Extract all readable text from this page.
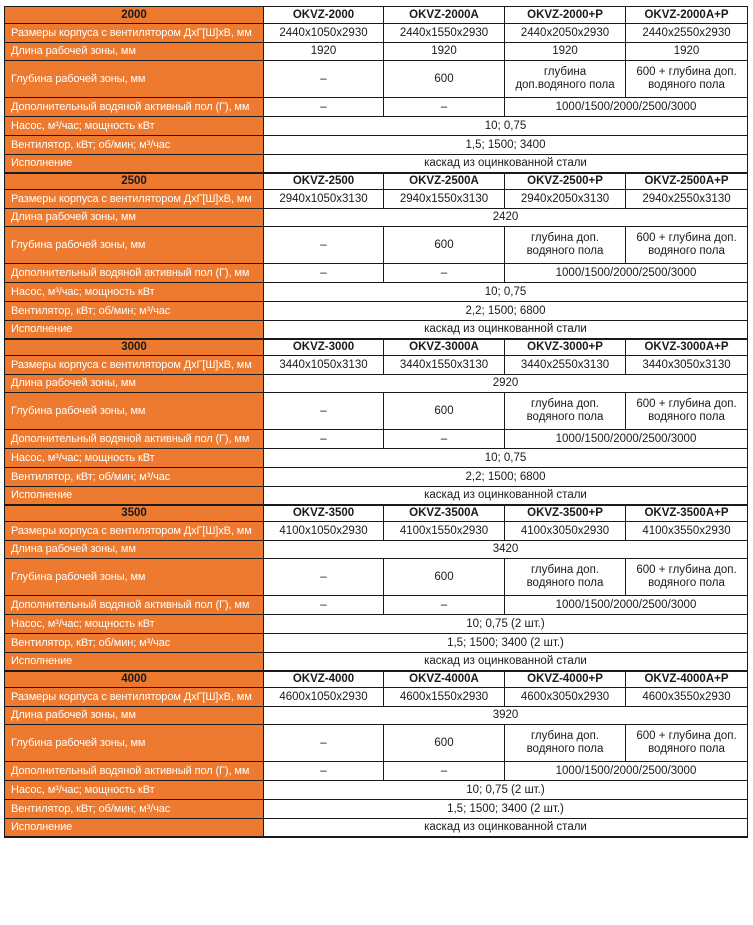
2000	OKVZ-2000	OKVZ-2000A	OKVZ-2000+P	OKVZ-2000A+P
Размеры корпуса с вентилятором ДхГ[Ш]хВ, мм	2440x1050x2930	2440x1550x2930	2440x2050x2930	2440x2550x2930
Длина рабочей зоны, мм	1920	1920	1920	1920
Глубина рабочей зоны, мм	–	600	глубина доп.водяного пола	600 + глубина доп. водяного пола
Дополнительный водяной активный пол (Г), мм	–	–	1000/1500/2000/2500/3000	
Насос, м³/час; мощность кВт	10; 0,75			
Вентилятор, кВт; об/мин; м³/час	1,5; 1500; 3400			
Исполнение	каскад из оцинкованной стали			
2500	OKVZ-2500	OKVZ-2500A	OKVZ-2500+P	OKVZ-2500A+P
Размеры корпуса с вентилятором ДхГ[Ш]хВ, мм	2940x1050x3130	2940x1550x3130	2940x2050x3130	2940x2550x3130
Длина рабочей зоны, мм	2420			
Глубина рабочей зоны, мм	–	600	глубина доп. водяного пола	600 + глубина доп. водяного пола
Дополнительный водяной активный пол (Г), мм	–	–	1000/1500/2000/2500/3000	
Насос, м³/час; мощность кВт	10; 0,75			
Вентилятор, кВт; об/мин; м³/час	2,2; 1500; 6800			
Исполнение	каскад из оцинкованной стали			
3000	OKVZ-3000	OKVZ-3000A	OKVZ-3000+P	OKVZ-3000A+P
Размеры корпуса с вентилятором ДхГ[Ш]хВ, мм	3440x1050x3130	3440x1550x3130	3440x2550x3130	3440x3050x3130
Длина рабочей зоны, мм	2920			
Глубина рабочей зоны, мм	–	600	глубина доп. водяного пола	600 + глубина доп. водяного пола
Дополнительный водяной активный пол (Г), мм	–	–	1000/1500/2000/2500/3000	
Насос, м³/час; мощность кВт	10; 0,75			
Вентилятор, кВт; об/мин; м³/час	2,2; 1500; 6800			
Исполнение	каскад из оцинкованной стали			
3500	OKVZ-3500	OKVZ-3500A	OKVZ-3500+P	OKVZ-3500A+P
Размеры корпуса с вентилятором ДхГ[Ш]хВ, мм	4100x1050x2930	4100x1550x2930	4100x3050x2930	4100x3550x2930
Длина рабочей зоны, мм	3420			
Глубина рабочей зоны, мм	–	600	глубина доп. водяного пола	600 + глубина доп. водяного пола
Дополнительный водяной активный пол (Г), мм	–	–	1000/1500/2000/2500/3000	
Насос, м³/час; мощность кВт	10; 0,75 (2 шт.)			
Вентилятор, кВт; об/мин; м³/час	1,5; 1500; 3400 (2 шт.)			
Исполнение	каскад из оцинкованной стали			
4000	OKVZ-4000	OKVZ-4000A	OKVZ-4000+P	OKVZ-4000A+P
Размеры корпуса с вентилятором ДхГ[Ш]хВ, мм	4600x1050x2930	4600x1550x2930	4600x3050x2930	4600x3550x2930
Длина рабочей зоны, мм	3920			
Глубина рабочей зоны, мм	–	600	глубина доп. водяного пола	600 + глубина доп. водяного пола
Дополнительный водяной активный пол (Г), мм	–	–	1000/1500/2000/2500/3000	
Насос, м³/час; мощность кВт	10; 0,75 (2 шт.)			
Вентилятор, кВт; об/мин; м³/час	1,5; 1500; 3400 (2 шт.)			
Исполнение	каскад из оцинкованной стали			
